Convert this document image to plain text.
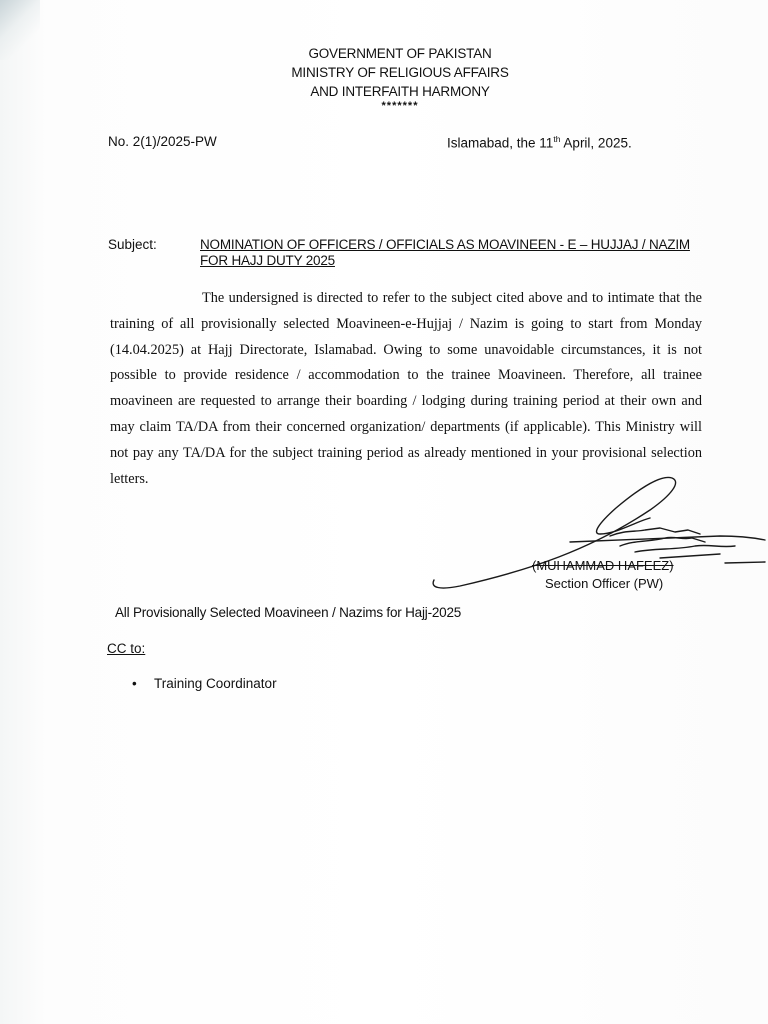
GOVERNMENT OF PAKISTAN
MINISTRY OF RELIGIOUS AFFAIRS
AND INTERFAITH HARMONY
*******
No. 2(1)/2025-PW	Islamabad, the 11th April, 2025.
Subject:	NOMINATION OF OFFICERS / OFFICIALS AS MOAVINEEN - E – HUJJAJ / NAZIM FOR HAJJ DUTY 2025
The undersigned is directed to refer to the subject cited above and to intimate that the training of all provisionally selected Moavineen-e-Hujjaj / Nazim is going to start from Monday (14.04.2025) at Hajj Directorate, Islamabad. Owing to some unavoidable circumstances, it is not possible to provide residence / accommodation to the trainee Moavineen. Therefore, all trainee moavineen are requested to arrange their boarding / lodging during training period at their own and may claim TA/DA from their concerned organization/ departments (if applicable). This Ministry will not pay any TA/DA for the subject training period as already mentioned in your provisional selection letters.
(MUHAMMAD HAFEEZ)
Section Officer (PW)
All Provisionally Selected Moavineen / Nazims for Hajj-2025
CC to:
• Training Coordinator
